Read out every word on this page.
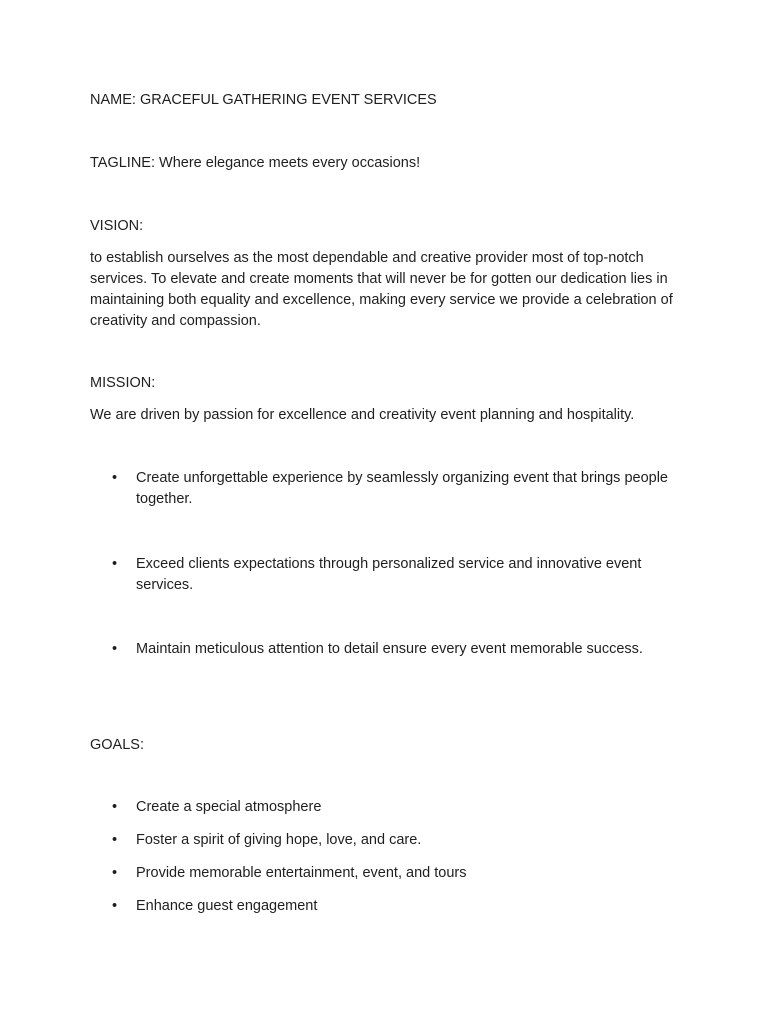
NAME: GRACEFUL GATHERING EVENT SERVICES

TAGLINE: Where elegance meets every occasions!

VISION:

to establish ourselves as the most dependable and creative provider most of top-notch services. To elevate and create moments that will never be for gotten our dedication lies in maintaining both equality and excellence, making every service we provide a celebration of creativity and compassion.

MISSION:

We are driven by passion for excellence and creativity event planning and hospitality.

•
Create unforgettable experience by seamlessly organizing event that brings people together.
•
Exceed clients expectations through personalized service and innovative event services.
•
Maintain meticulous attention to detail ensure every event memorable success.

GOALS:

•
Create a special atmosphere
•
Foster a spirit of giving hope, love, and care.
•
Provide memorable entertainment, event, and tours
•
Enhance guest engagement
